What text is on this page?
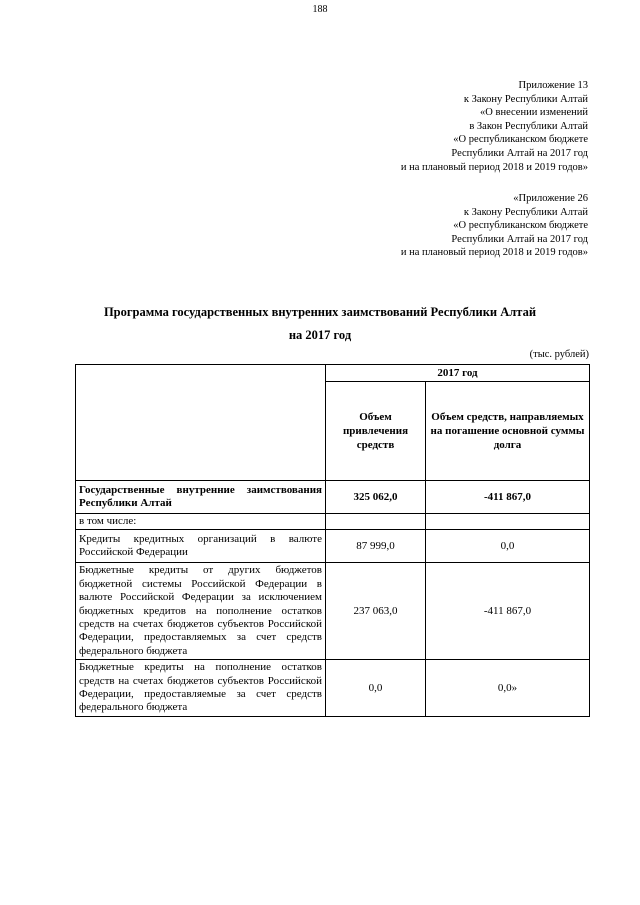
188
Приложение 13
к Закону Республики Алтай
«О внесении изменений
в Закон Республики Алтай
«О республиканском бюджете
Республики Алтай на 2017 год
и на плановый период 2018 и 2019 годов»
«Приложение 26
к Закону Республики Алтай
«О республиканском бюджете
Республики Алтай на 2017 год
и на плановый период 2018 и 2019 годов»
Программа государственных внутренних заимствований Республики Алтай
на 2017 год
(тыс. рублей)
	2017 год	
	Объем привлечения средств	Объем средств, направляемых на погашение основной суммы долга
Государственные внутренние заимствования Республики Алтай	325 062,0	-411 867,0
в том числе:		
Кредиты кредитных организаций в валюте Российской Федерации	87 999,0	0,0
Бюджетные кредиты от других бюджетов бюджетной системы Российской Федерации в валюте Российской Федерации за исключением бюджетных кредитов на пополнение остатков средств на счетах бюджетов субъектов Российской Федерации, предоставляемых за счет средств федерального бюджета	237 063,0	-411 867,0
Бюджетные кредиты на пополнение остатков средств на счетах бюджетов субъектов Российской Федерации, предоставляемые за счет средств федерального бюджета	0,0	0,0»
